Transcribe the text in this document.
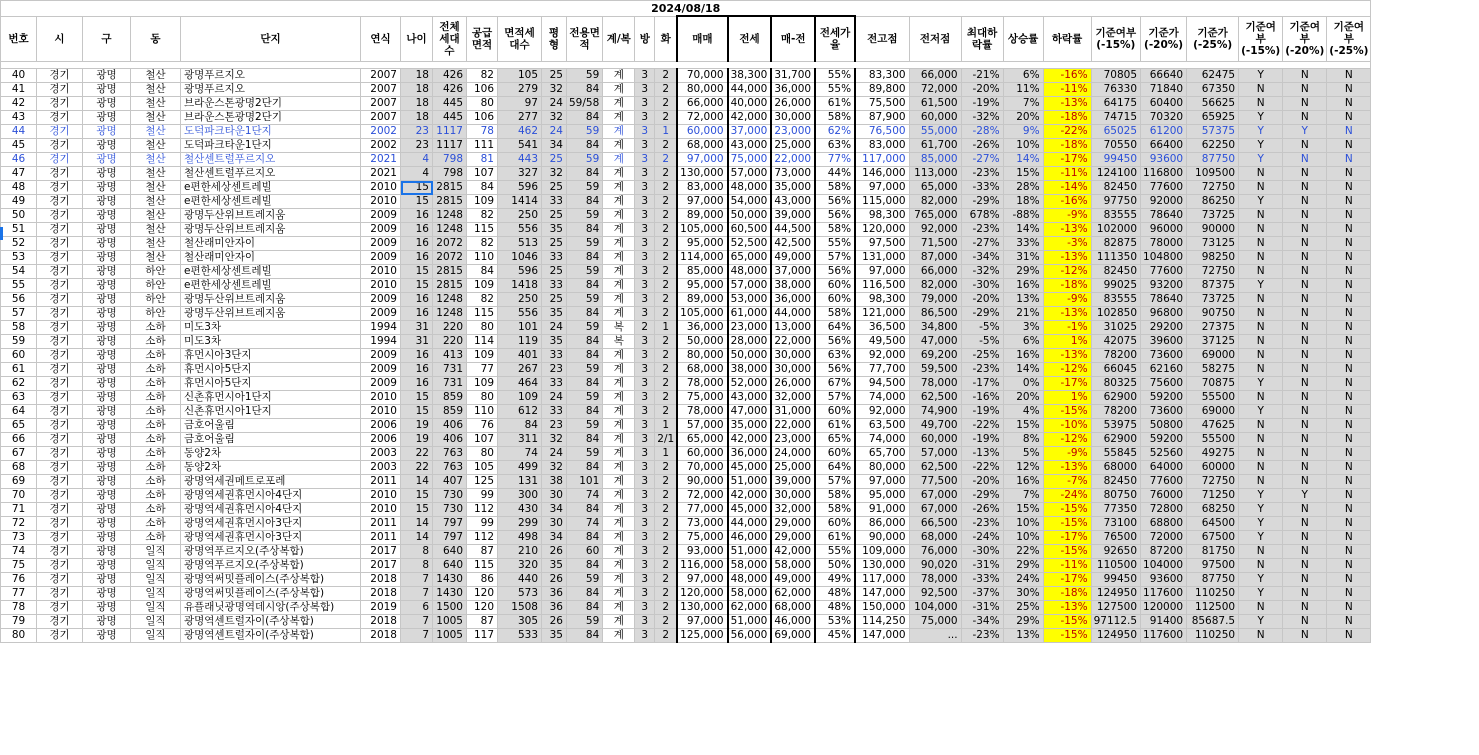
2024/08/18																													
번호	시	구	동	단지	연식	나이	전체세대수	공급면적	면적세대수	평형	전용면적	계/복	방	화	매매	전세	매-전	전세가율	전고점	전저점	최대하락률	상승률	하락률	기준여부(-15%)	기준가(-20%)	기준가(-25%)	기준여부(-15%)	기준여부(-20%)	기준여부(-25%)

40	경기	광명	철산	광명푸르지오	2007	18	426	82	105	25	59	계	3	2	70,000	38,300	31,700	55%	83,300	66,000	-21%	6%	-16%	70805	66640	62475	Y	N	N
41	경기	광명	철산	광명푸르지오	2007	18	426	106	279	32	84	계	3	2	80,000	44,000	36,000	55%	89,800	72,000	-20%	11%	-11%	76330	71840	67350	N	N	N
42	경기	광명	철산	브라운스톤광명2단기	2007	18	445	80	97	24	59/58	계	3	2	66,000	40,000	26,000	61%	75,500	61,500	-19%	7%	-13%	64175	60400	56625	N	N	N
43	경기	광명	철산	브라운스톤광명2단기	2007	18	445	106	277	32	84	계	3	2	72,000	42,000	30,000	58%	87,900	60,000	-32%	20%	-18%	74715	70320	65925	Y	N	N
44	경기	광명	철산	도덕파크타운1단지	2002	23	1117	78	462	24	59	계	3	1	60,000	37,000	23,000	62%	76,500	55,000	-28%	9%	-22%	65025	61200	57375	Y	Y	N
45	경기	광명	철산	도덕파크타운1단지	2002	23	1117	111	541	34	84	계	3	2	68,000	43,000	25,000	63%	83,000	61,700	-26%	10%	-18%	70550	66400	62250	Y	N	N
46	경기	광명	철산	철산센트럴푸르지오	2021	4	798	81	443	25	59	계	3	2	97,000	75,000	22,000	77%	117,000	85,000	-27%	14%	-17%	99450	93600	87750	Y	N	N
47	경기	광명	철산	철산센트럴푸르지오	2021	4	798	107	327	32	84	계	3	2	130,000	57,000	73,000	44%	146,000	113,000	-23%	15%	-11%	124100	116800	109500	N	N	N
48	경기	광명	철산	e편한세상센트레빌	2010	15	2815	84	596	25	59	계	3	2	83,000	48,000	35,000	58%	97,000	65,000	-33%	28%	-14%	82450	77600	72750	N	N	N
49	경기	광명	철산	e편한세상센트레빌	2010	15	2815	109	1414	33	84	계	3	2	97,000	54,000	43,000	56%	115,000	82,000	-29%	18%	-16%	97750	92000	86250	Y	N	N
50	경기	광명	철산	광명두산위브트레지움	2009	16	1248	82	250	25	59	계	3	2	89,000	50,000	39,000	56%	98,300	765,000	678%	-88%	-9%	83555	78640	73725	N	N	N
51	경기	광명	철산	광명두산위브트레지움	2009	16	1248	115	556	35	84	계	3	2	105,000	60,500	44,500	58%	120,000	92,000	-23%	14%	-13%	102000	96000	90000	N	N	N
52	경기	광명	철산	철산래미안자이	2009	16	2072	82	513	25	59	계	3	2	95,000	52,500	42,500	55%	97,500	71,500	-27%	33%	-3%	82875	78000	73125	N	N	N
53	경기	광명	철산	철산래미안자이	2009	16	2072	110	1046	33	84	계	3	2	114,000	65,000	49,000	57%	131,000	87,000	-34%	31%	-13%	111350	104800	98250	N	N	N
54	경기	광명	하안	e편한세상센트레빌	2010	15	2815	84	596	25	59	계	3	2	85,000	48,000	37,000	56%	97,000	66,000	-32%	29%	-12%	82450	77600	72750	N	N	N
55	경기	광명	하안	e편한세상센트레빌	2010	15	2815	109	1418	33	84	계	3	2	95,000	57,000	38,000	60%	116,500	82,000	-30%	16%	-18%	99025	93200	87375	Y	N	N
56	경기	광명	하안	광명두산위브트레지움	2009	16	1248	82	250	25	59	계	3	2	89,000	53,000	36,000	60%	98,300	79,000	-20%	13%	-9%	83555	78640	73725	N	N	N
57	경기	광명	하안	광명두산위브트레지움	2009	16	1248	115	556	35	84	계	3	2	105,000	61,000	44,000	58%	121,000	86,500	-29%	21%	-13%	102850	96800	90750	N	N	N
58	경기	광명	소하	미도3차	1994	31	220	80	101	24	59	복	2	1	36,000	23,000	13,000	64%	36,500	34,800	-5%	3%	-1%	31025	29200	27375	N	N	N
59	경기	광명	소하	미도3차	1994	31	220	114	119	35	84	복	3	2	50,000	28,000	22,000	56%	49,500	47,000	-5%	6%	1%	42075	39600	37125	N	N	N
60	경기	광명	소하	휴먼시아3단지	2009	16	413	109	401	33	84	계	3	2	80,000	50,000	30,000	63%	92,000	69,200	-25%	16%	-13%	78200	73600	69000	N	N	N
61	경기	광명	소하	휴먼시아5단지	2009	16	731	77	267	23	59	계	3	2	68,000	38,000	30,000	56%	77,700	59,500	-23%	14%	-12%	66045	62160	58275	N	N	N
62	경기	광명	소하	휴먼시아5단지	2009	16	731	109	464	33	84	계	3	2	78,000	52,000	26,000	67%	94,500	78,000	-17%	0%	-17%	80325	75600	70875	Y	N	N
63	경기	광명	소하	신촌휴먼시아1단지	2010	15	859	80	109	24	59	계	3	2	75,000	43,000	32,000	57%	74,000	62,500	-16%	20%	1%	62900	59200	55500	N	N	N
64	경기	광명	소하	신촌휴먼시아1단지	2010	15	859	110	612	33	84	계	3	2	78,000	47,000	31,000	60%	92,000	74,900	-19%	4%	-15%	78200	73600	69000	Y	N	N
65	경기	광명	소하	금호어울림	2006	19	406	76	84	23	59	계	3	1	57,000	35,000	22,000	61%	63,500	49,700	-22%	15%	-10%	53975	50800	47625	N	N	N
66	경기	광명	소하	금호어울림	2006	19	406	107	311	32	84	계	3	2/1	65,000	42,000	23,000	65%	74,000	60,000	-19%	8%	-12%	62900	59200	55500	N	N	N
67	경기	광명	소하	동양2차	2003	22	763	80	74	24	59	계	3	1	60,000	36,000	24,000	60%	65,700	57,000	-13%	5%	-9%	55845	52560	49275	N	N	N
68	경기	광명	소하	동양2차	2003	22	763	105	499	32	84	계	3	2	70,000	45,000	25,000	64%	80,000	62,500	-22%	12%	-13%	68000	64000	60000	N	N	N
69	경기	광명	소하	광명역세권메트로포레	2011	14	407	125	131	38	101	계	3	2	90,000	51,000	39,000	57%	97,000	77,500	-20%	16%	-7%	82450	77600	72750	N	N	N
70	경기	광명	소하	광명역세권휴먼시아4단지	2010	15	730	99	300	30	74	계	3	2	72,000	42,000	30,000	58%	95,000	67,000	-29%	7%	-24%	80750	76000	71250	Y	Y	N
71	경기	광명	소하	광명역세권휴먼시아4단지	2010	15	730	112	430	34	84	계	3	2	77,000	45,000	32,000	58%	91,000	67,000	-26%	15%	-15%	77350	72800	68250	Y	N	N
72	경기	광명	소하	광명역세권휴먼시아3단지	2011	14	797	99	299	30	74	계	3	2	73,000	44,000	29,000	60%	86,000	66,500	-23%	10%	-15%	73100	68800	64500	Y	N	N
73	경기	광명	소하	광명역세권휴먼시아3단지	2011	14	797	112	498	34	84	계	3	2	75,000	46,000	29,000	61%	90,000	68,000	-24%	10%	-17%	76500	72000	67500	Y	N	N
74	경기	광명	일직	광명역푸르지오(주상복합)	2017	8	640	87	210	26	60	계	3	2	93,000	51,000	42,000	55%	109,000	76,000	-30%	22%	-15%	92650	87200	81750	N	N	N
75	경기	광명	일직	광명역푸르지오(주상복합)	2017	8	640	115	320	35	84	계	3	2	116,000	58,000	58,000	50%	130,000	90,020	-31%	29%	-11%	110500	104000	97500	N	N	N
76	경기	광명	일직	광명역써밋플레이스(주상복합)	2018	7	1430	86	440	26	59	계	3	2	97,000	48,000	49,000	49%	117,000	78,000	-33%	24%	-17%	99450	93600	87750	Y	N	N
77	경기	광명	일직	광명역써밋플레이스(주상복합)	2018	7	1430	120	573	36	84	계	3	2	120,000	58,000	62,000	48%	147,000	92,500	-37%	30%	-18%	124950	117600	110250	Y	N	N
78	경기	광명	일직	유플래닛광명역데시앙(주상복합)	2019	6	1500	120	1508	36	84	계	3	2	130,000	62,000	68,000	48%	150,000	104,000	-31%	25%	-13%	127500	120000	112500	N	N	N
79	경기	광명	일직	광명역센트럴자이(주상복합)	2018	7	1005	87	305	26	59	계	3	2	97,000	51,000	46,000	53%	114,250	75,000	-34%	29%	-15%	97112.5	91400	85687.5	Y	N	N
80	경기	광명	일직	광명역센트럴자이(주상복합)	2018	7	1005	117	533	35	84	계	3	2	125,000	56,000	69,000	45%	147,000	...	-23%	13%	-15%	124950	117600	110250	N	N	N
